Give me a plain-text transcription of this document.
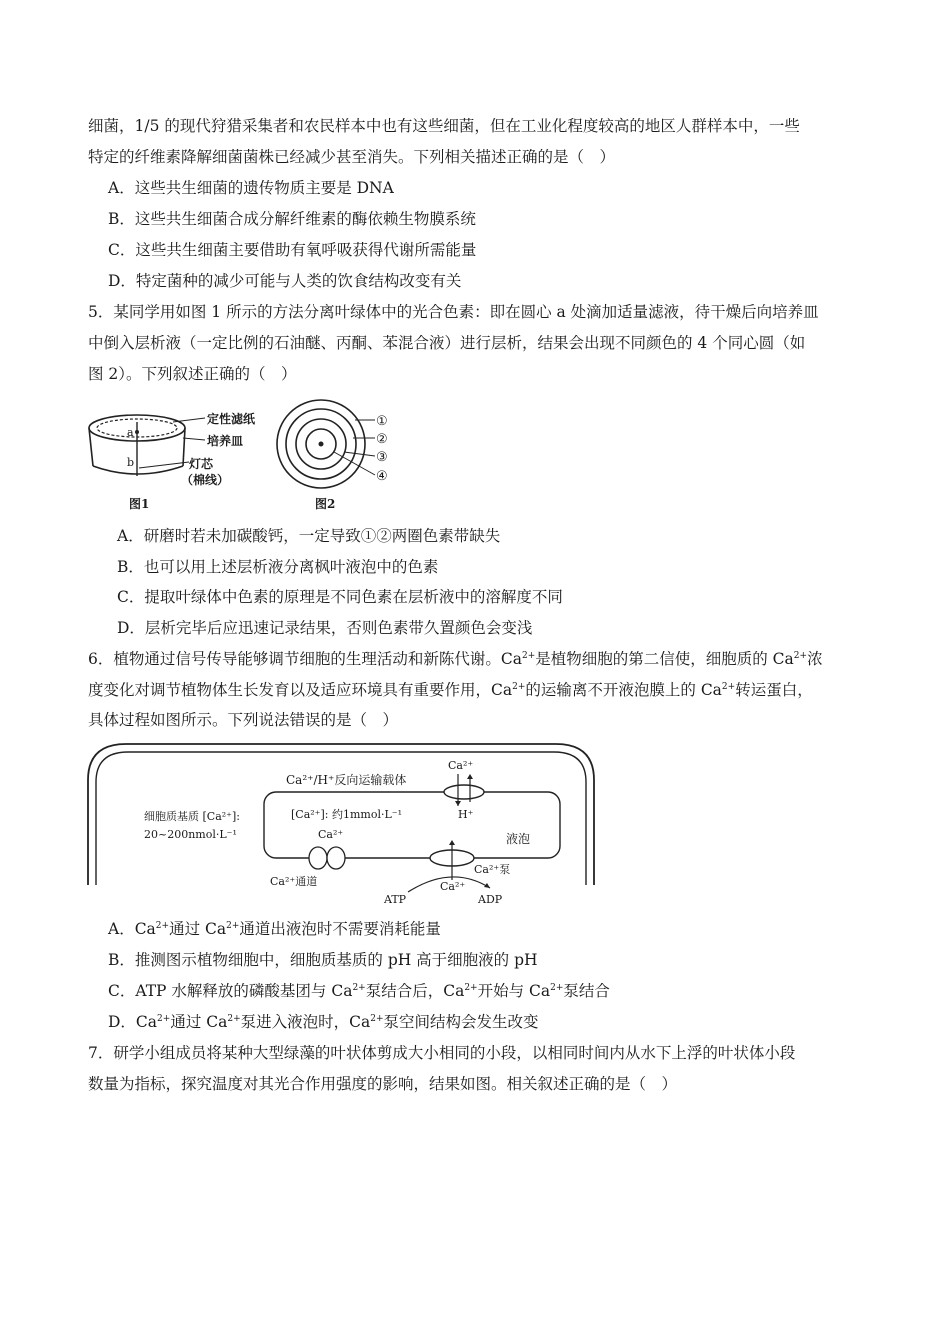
细菌，1/5 的现代狩猎采集者和农民样本中也有这些细菌，但在工业化程度较高的地区人群样本中，一些
特定的纤维素降解细菌菌株已经减少甚至消失。下列相关描述正确的是（　）
A．这些共生细菌的遗传物质主要是 DNA
B．这些共生细菌合成分解纤维素的酶依赖生物膜系统
C．这些共生细菌主要借助有氧呼吸获得代谢所需能量
D．特定菌种的减少可能与人类的饮食结构改变有关
5．某同学用如图 1 所示的方法分离叶绿体中的光合色素：即在圆心 a 处滴加适量滤液，待干燥后向培养皿
中倒入层析液（一定比例的石油醚、丙酮、苯混合液）进行层析，结果会出现不同颜色的 4 个同心圆（如
图 2）。下列叙述正确的（　）
a
b
定性滤纸
培养皿
灯芯
（棉线）
图1
①
②
③
④
图2
A．研磨时若未加碳酸钙，一定导致①②两圈色素带缺失
B．也可以用上述层析液分离枫叶液泡中的色素
C．提取叶绿体中色素的原理是不同色素在层析液中的溶解度不同
D．层析完毕后应迅速记录结果，否则色素带久置颜色会变浅
6．植物通过信号传导能够调节细胞的生理活动和新陈代谢。$Ca^{2+}$是植物细胞的第二信使，细胞质的 $Ca^{2+}$浓
度变化对调节植物体生长发育以及适应环境具有重要作用，$Ca^{2+}$的运输离不开液泡膜上的 $Ca^{2+}$转运蛋白，
具体过程如图所示。下列说法错误的是（　）
Ca²⁺
H⁺
Ca²⁺/H⁺反向运输载体
[Ca²⁺]: 约1mmol·L⁻¹
细胞质基质 [Ca²⁺]:
20~200nmol·L⁻¹	液泡
Ca²⁺
Ca²⁺通道
Ca²⁺泵
ATP
Ca²⁺
ADP
A．$Ca^{2+}$通过 $Ca^{2+}$通道出液泡时不需要消耗能量
B．推测图示植物细胞中，细胞质基质的 pH 高于细胞液的 pH
C．ATP 水解释放的磷酸基团与 $Ca^{2+}$泵结合后，$Ca^{2+}$开始与 $Ca^{2+}$泵结合
D．$Ca^{2+}$通过 $Ca^{2+}$泵进入液泡时，$Ca^{2+}$泵空间结构会发生改变
7．研学小组成员将某种大型绿藻的叶状体剪成大小相同的小段，以相同时间内从水下上浮的叶状体小段
数量为指标，探究温度对其光合作用强度的影响，结果如图。相关叙述正确的是（　）
